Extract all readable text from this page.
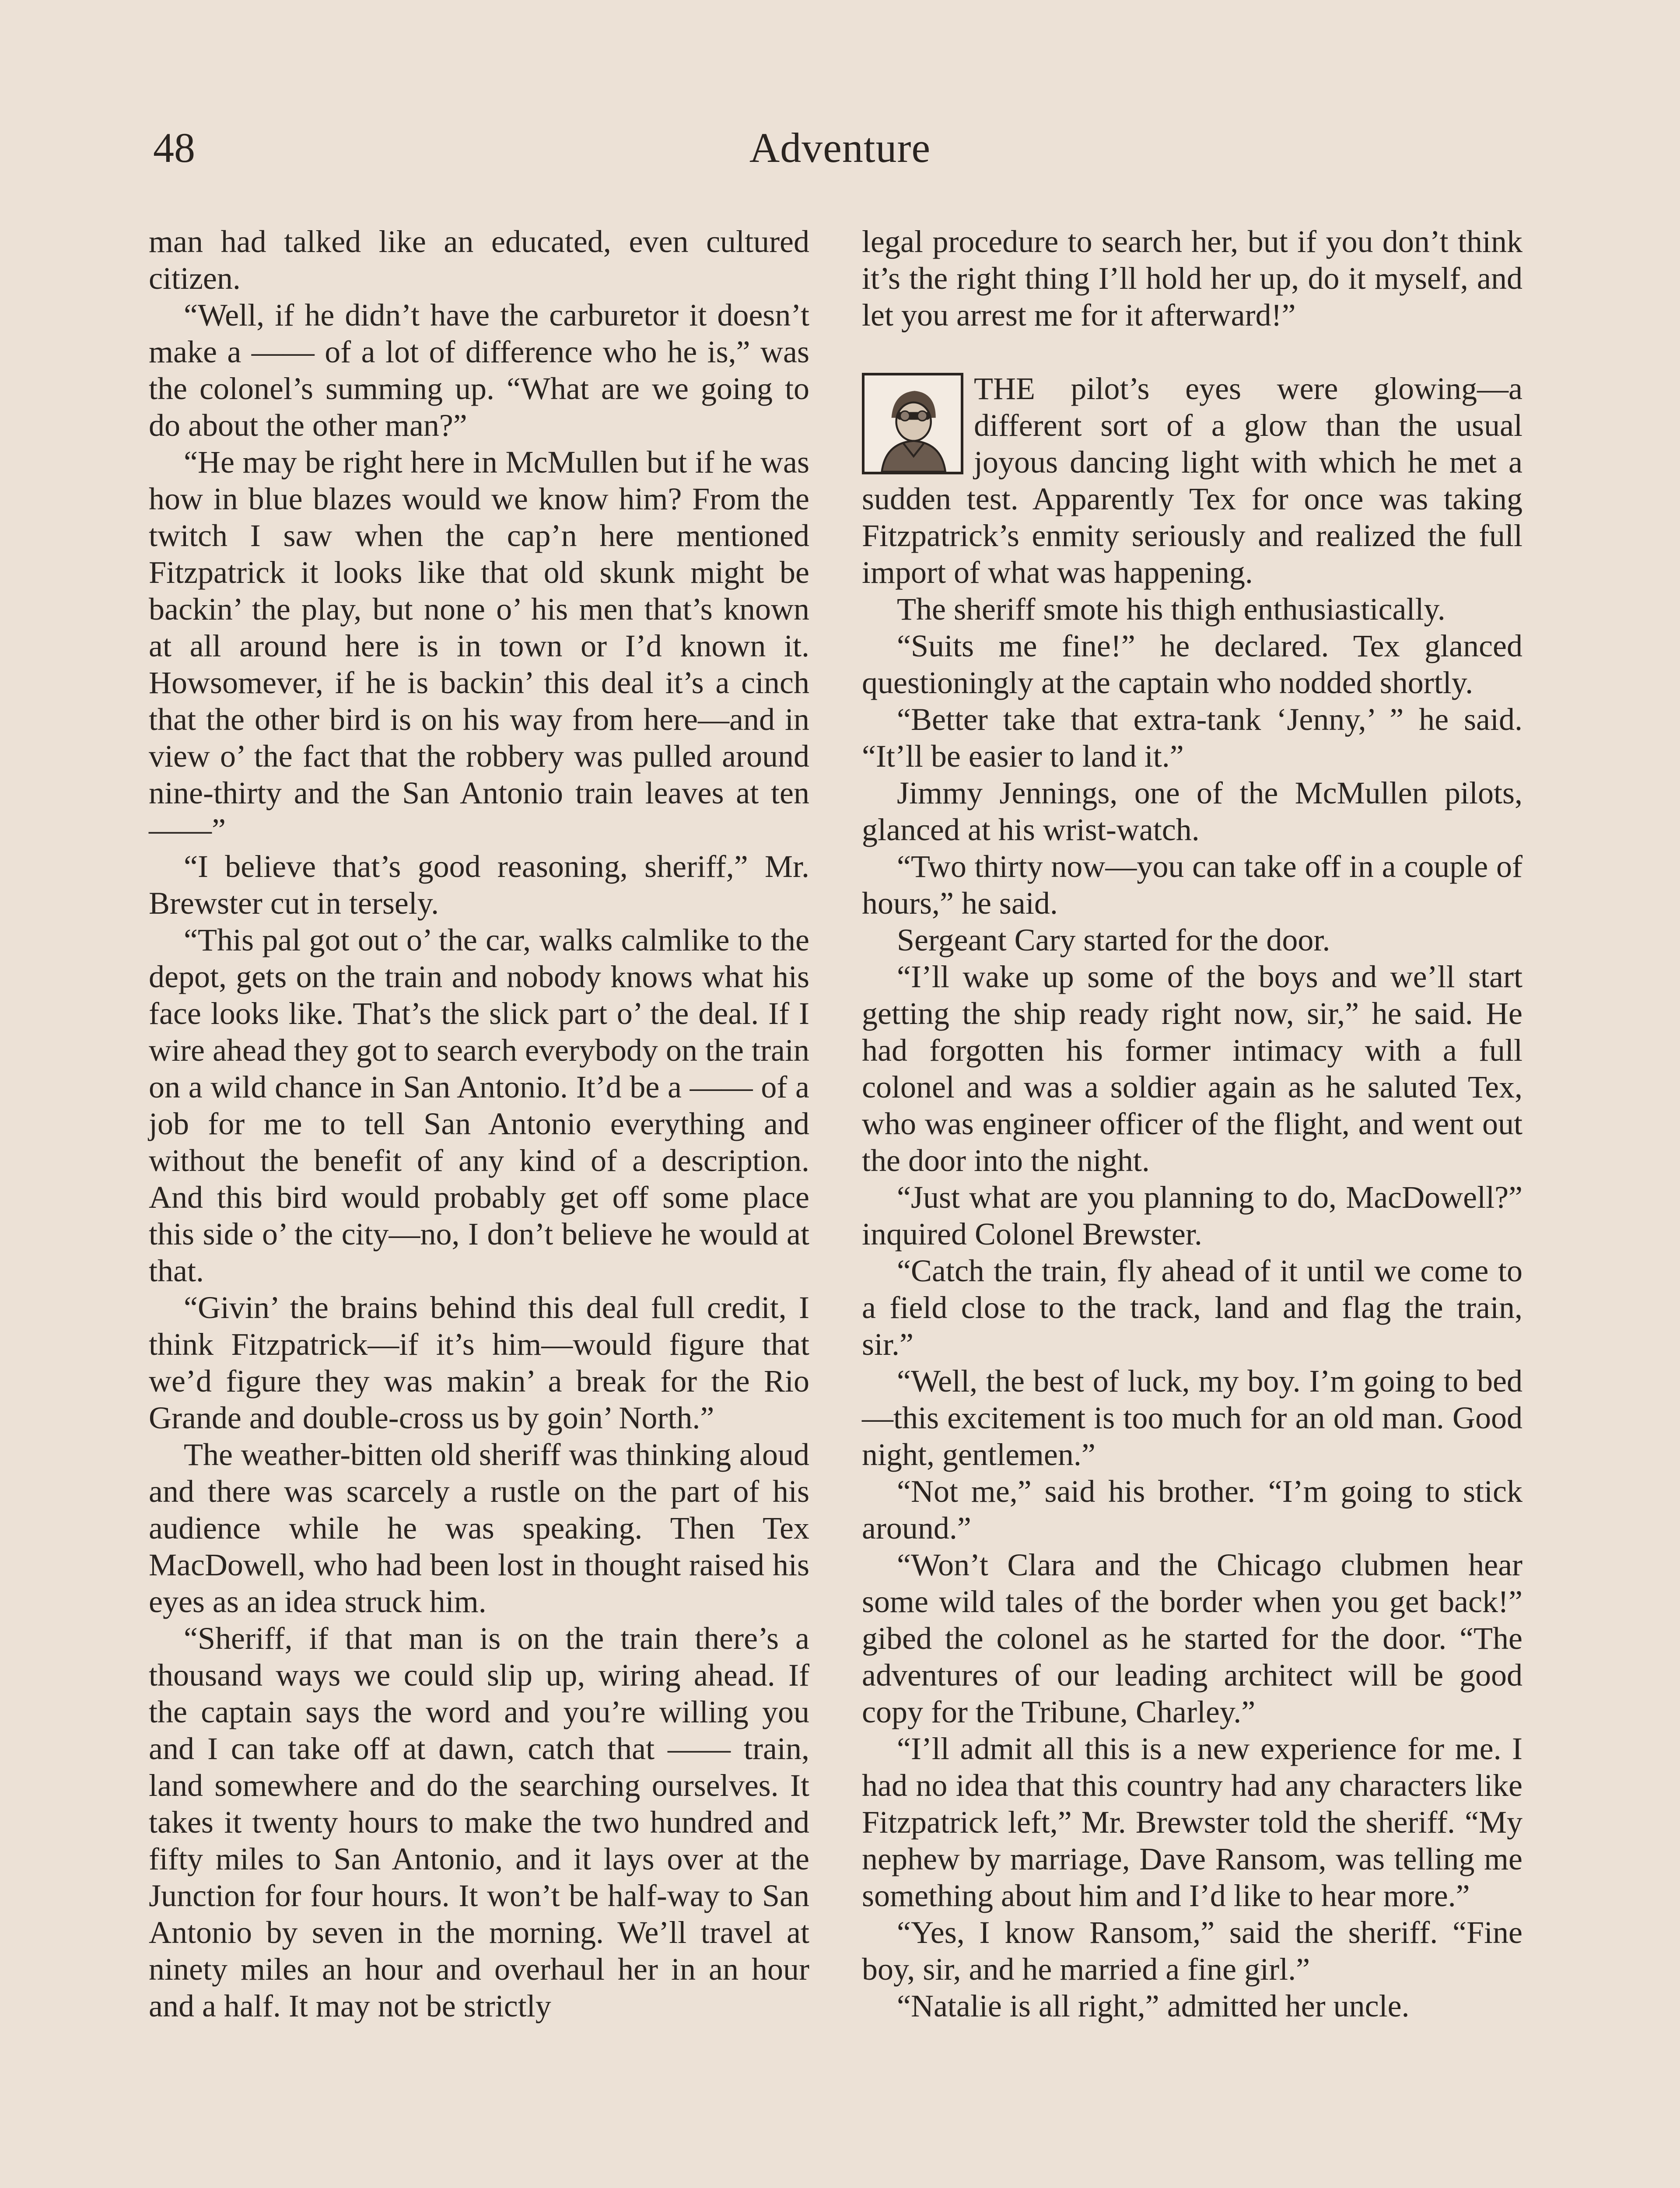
48	Adventure

man had talked like an educated, even cultured citizen.

“Well, if he didn’t have the carburetor it doesn’t make a —— of a lot of difference who he is,” was the colonel’s summing up. “What are we going to do about the other man?”

“He may be right here in McMullen but if he was how in blue blazes would we know him? From the twitch I saw when the cap’n here mentioned Fitzpatrick it looks like that old skunk might be backin’ the play, but none o’ his men that’s known at all around here is in town or I’d known it. Howsomever, if he is backin’ this deal it’s a cinch that the other bird is on his way from here—and in view o’ the fact that the robbery was pulled around nine-thirty and the San Antonio train leaves at ten——”

“I believe that’s good reasoning, sheriff,” Mr. Brewster cut in tersely.

“This pal got out o’ the car, walks calmlike to the depot, gets on the train and nobody knows what his face looks like. That’s the slick part o’ the deal. If I wire ahead they got to search everybody on the train on a wild chance in San Antonio. It’d be a —— of a job for me to tell San Antonio everything and without the benefit of any kind of a description. And this bird would probably get off some place this side o’ the city—no, I don’t believe he would at that.

“Givin’ the brains behind this deal full credit, I think Fitzpatrick—if it’s him—would figure that we’d figure they was makin’ a break for the Rio Grande and double-cross us by goin’ North.”

The weather-bitten old sheriff was thinking aloud and there was scarcely a rustle on the part of his audience while he was speaking. Then Tex MacDowell, who had been lost in thought raised his eyes as an idea struck him.

“Sheriff, if that man is on the train there’s a thousand ways we could slip up, wiring ahead. If the captain says the word and you’re willing you and I can take off at dawn, catch that —— train, land somewhere and do the searching ourselves. It takes it twenty hours to make the two hundred and fifty miles to San Antonio, and it lays over at the Junction for four hours. It won’t be half-way to San Antonio by seven in the morning. We’ll travel at ninety miles an hour and overhaul her in an hour and a half. It may not be strictly

legal procedure to search her, but if you don’t think it’s the right thing I’ll hold her up, do it myself, and let you arrest me for it afterward!”

THE pilot’s eyes were glowing—a different sort of a glow than the usual joyous dancing light with which he met a sudden test. Apparently Tex for once was taking Fitzpatrick’s enmity seriously and realized the full import of what was happening.

The sheriff smote his thigh enthusiastically.

“Suits me fine!” he declared. Tex glanced questioningly at the captain who nodded shortly.

“Better take that extra-tank ‘Jenny,’ ” he said. “It’ll be easier to land it.”

Jimmy Jennings, one of the McMullen pilots, glanced at his wrist-watch.

“Two thirty now—you can take off in a couple of hours,” he said.

Sergeant Cary started for the door.

“I’ll wake up some of the boys and we’ll start getting the ship ready right now, sir,” he said. He had forgotten his former intimacy with a full colonel and was a soldier again as he saluted Tex, who was engineer officer of the flight, and went out the door into the night.

“Just what are you planning to do, MacDowell?” inquired Colonel Brewster.

“Catch the train, fly ahead of it until we come to a field close to the track, land and flag the train, sir.”

“Well, the best of luck, my boy. I’m going to bed—this excitement is too much for an old man. Good night, gentlemen.”

“Not me,” said his brother. “I’m going to stick around.”

“Won’t Clara and the Chicago clubmen hear some wild tales of the border when you get back!” gibed the colonel as he started for the door. “The adventures of our leading architect will be good copy for the Tribune, Charley.”

“I’ll admit all this is a new experience for me. I had no idea that this country had any characters like Fitzpatrick left,” Mr. Brewster told the sheriff. “My nephew by marriage, Dave Ransom, was telling me something about him and I’d like to hear more.”

“Yes, I know Ransom,” said the sheriff. “Fine boy, sir, and he married a fine girl.”

“Natalie is all right,” admitted her uncle.
